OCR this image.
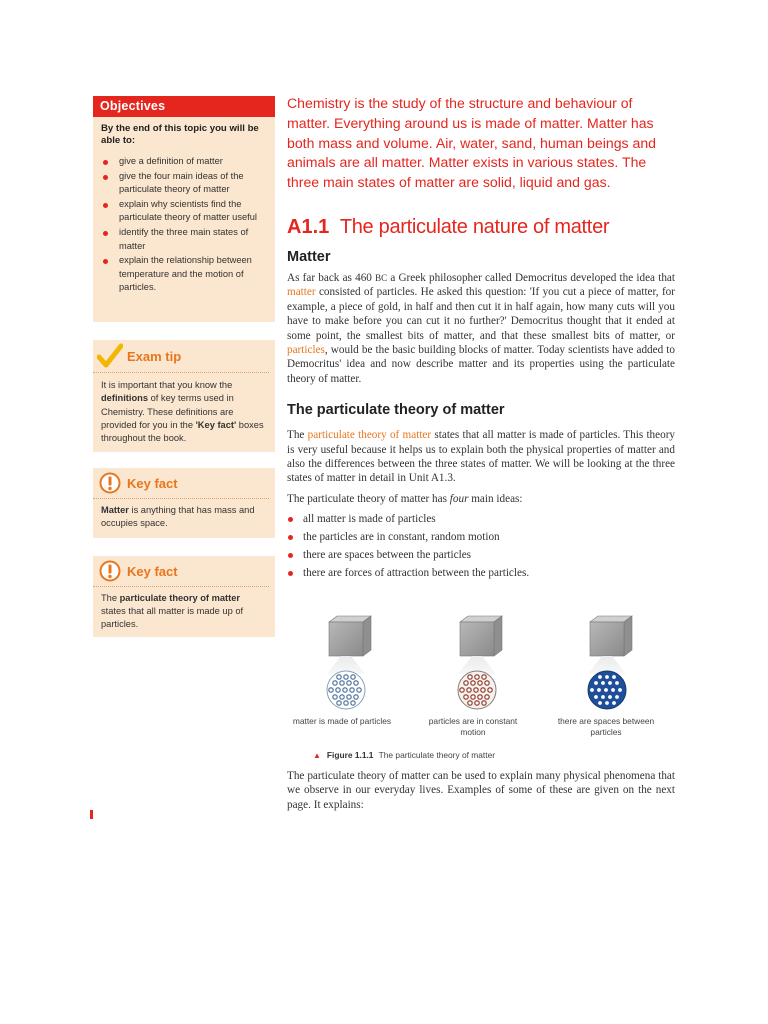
Objectives
By the end of this topic you will be able to:
give a definition of matter
give the four main ideas of the particulate theory of matter
explain why scientists find the particulate theory of matter useful
identify the three main states of matter
explain the relationship between temperature and the motion of particles.
Exam tip
It is important that you know the definitions of key terms used in Chemistry. These definitions are provided for you in the 'Key fact' boxes throughout the book.
Key fact
Matter is anything that has mass and occupies space.
Key fact
The particulate theory of matter states that all matter is made up of particles.

Chemistry is the study of the structure and behaviour of matter. Everything around us is made of matter. Matter has both mass and volume. Air, water, sand, human beings and animals are all matter. Matter exists in various states. The three main states of matter are solid, liquid and gas.

A1.1 The particulate nature of matter
Matter

As far back as 460 BC a Greek philosopher called Democritus developed the idea that matter consisted of particles. He asked this question: 'If you cut a piece of matter, for example, a piece of gold, in half and then cut it in half again, how many cuts will you have to make before you can cut it no further?' Democritus thought that it ended at some point, the smallest bits of matter, and that these smallest bits of matter, or particles, would be the basic building blocks of matter. Today scientists have added to Democritus' idea and now describe matter and its properties using the particulate theory of matter.

The particulate theory of matter

The particulate theory of matter states that all matter is made of particles. This theory is very useful because it helps us to explain both the physical properties of matter and also the differences between the three states of matter. We will be looking at the three states of matter in detail in Unit A1.3.

The particulate theory of matter has four main ideas:

all matter is made of particles
the particles are in constant, random motion
there are spaces between the particles
there are forces of attraction between the particles.
matter is made of particles	particles are in constant motion
there are spaces between particles
▲ Figure 1.1.1 The particulate theory of matter

The particulate theory of matter can be used to explain many physical phenomena that we observe in our everyday lives. Examples of some of these are given on the next page. It explains:
